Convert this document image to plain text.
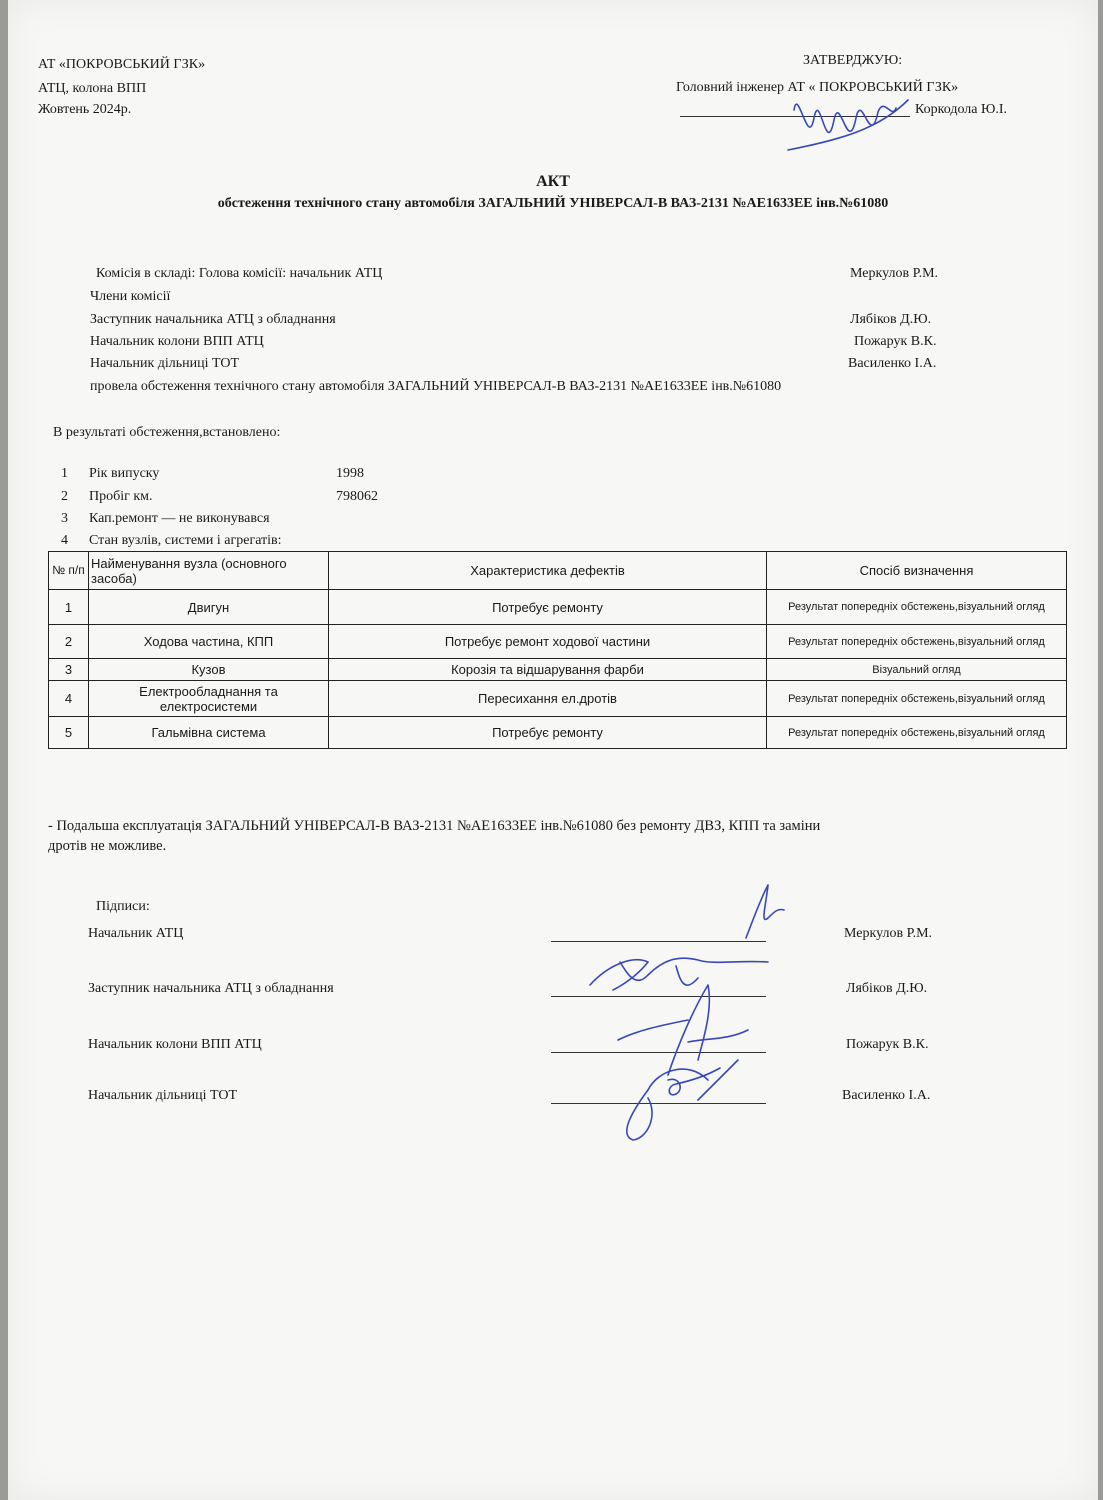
АТ «ПОКРОВСЬКИЙ ГЗК»
АТЦ, колона ВПП
Жовтень 2024р.
ЗАТВЕРДЖУЮ:
Головний інженер АТ « ПОКРОВСЬКИЙ ГЗК»
Коркодола Ю.І.
АКТ
обстеження технічного стану автомобіля ЗАГАЛЬНИЙ УНІВЕРСАЛ-В ВАЗ-2131 №АЕ1633ЕЕ інв.№61080
Комісія в складі: Голова комісії: начальник АТЦ	Меркулов Р.М.
Члени комісії
Заступник начальника АТЦ з обладнання	Лябіков Д.Ю.
Начальник колони ВПП АТЦ	Пожарук В.К.
Начальник дільниці ТОТ	Василенко І.А.
провела обстеження технічного стану автомобіля ЗАГАЛЬНИЙ УНІВЕРСАЛ-В ВАЗ-2131 №АЕ1633ЕЕ інв.№61080
В результаті обстеження,встановлено:
1 Рік випуску	1998
2 Пробіг км.	798062
3 Кап.ремонт — не виконувався
4 Стан вузлів, системи і агрегатів:
№ п/п	Найменування вузла (основного засоба)	Характеристика дефектів	Спосіб визначення
1	Двигун	Потребує ремонту	Результат попередніх обстежень,візуальний огляд
2	Ходова частина, КПП	Потребує ремонт ходової частини	Результат попередніх обстежень,візуальний огляд
3	Кузов	Корозія та відшарування фарби	Візуальний огляд
4	Електрообладнання та електросистеми	Пересихання ел.дротів	Результат попередніх обстежень,візуальний огляд
5	Гальмівна система	Потребує ремонту	Результат попередніх обстежень,візуальний огляд
- Подальша експлуатація ЗАГАЛЬНИЙ УНІВЕРСАЛ-В ВАЗ-2131 №АЕ1633ЕЕ інв.№61080 без ремонту ДВЗ, КПП та заміни
дротів не можливе.
Підписи:
Начальник АТЦ	Меркулов Р.М.
Заступник начальника АТЦ з обладнання	Лябіков Д.Ю.
Начальник колони ВПП АТЦ	Пожарук В.К.
Начальник дільниці ТОТ	Василенко І.А.
